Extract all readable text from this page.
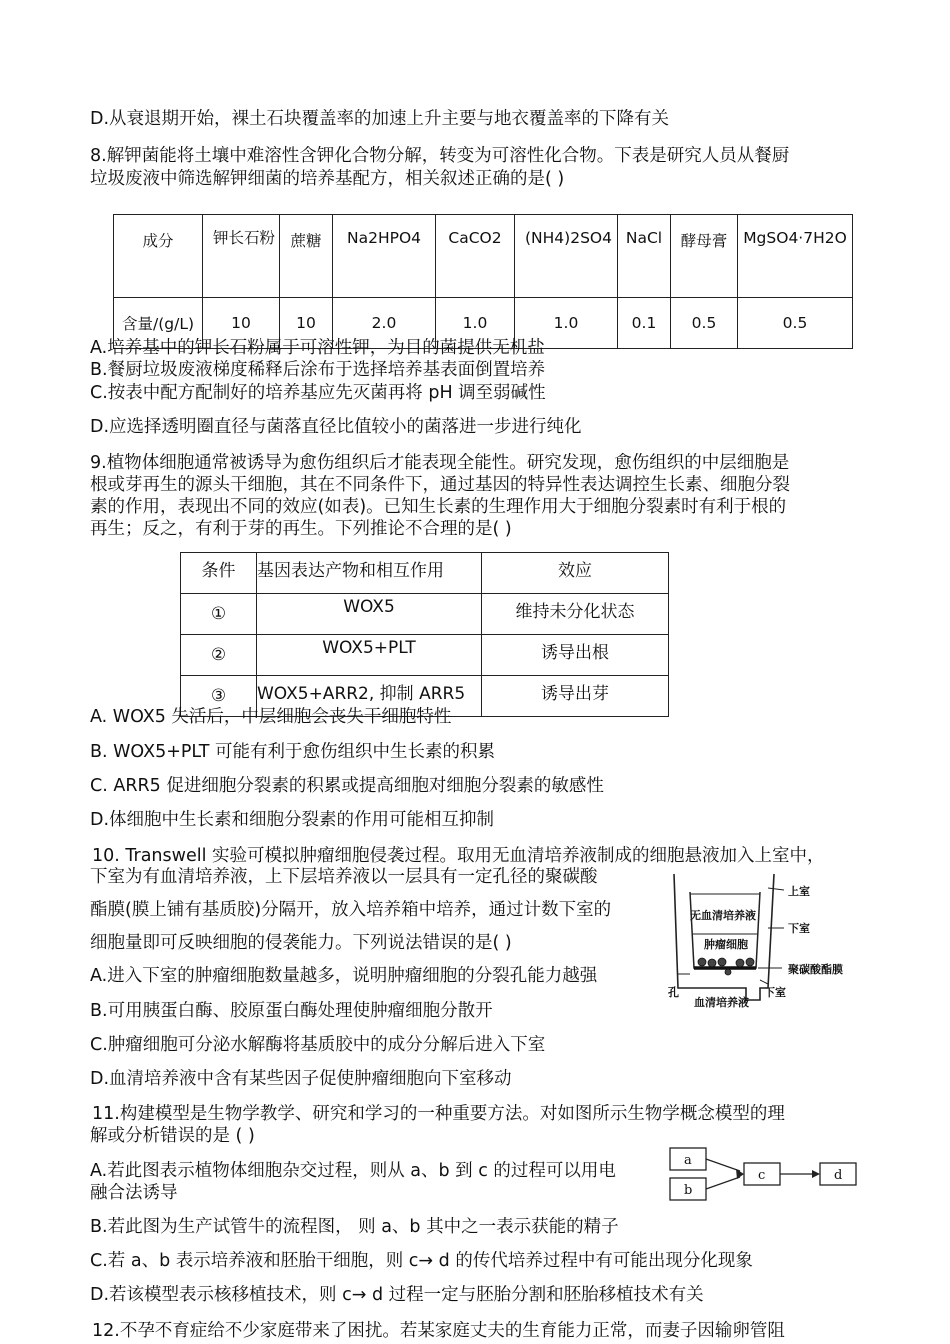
D.从衰退期开始，裸土石块覆盖率的加速上升主要与地衣覆盖率的下降有关
8.解钾菌能将土壤中难溶性含钾化合物分解，转变为可溶性化合物。下表是研究人员从餐厨
垃圾废液中筛选解钾细菌的培养基配方，相关叙述正确的是( )
成分	钾长石粉	蔗糖	Na2HPO4	CaCO2	(NH4)2SO4	NaCl	酵母膏	MgSO4·7H2O
含量/(g/L)	10	10	2.0	1.0	1.0	0.1	0.5	0.5
A.培养基中的钾长石粉属于可溶性钾，为目的菌提供无机盐
B.餐厨垃圾废液梯度稀释后涂布于选择培养基表面倒置培养
C.按表中配方配制好的培养基应先灭菌再将 pH 调至弱碱性
D.应选择透明圈直径与菌落直径比值较小的菌落进一步进行纯化
9.植物体细胞通常被诱导为愈伤组织后才能表现全能性。研究发现，愈伤组织的中层细胞是
根或芽再生的源头干细胞，其在不同条件下，通过基因的特异性表达调控生长素、细胞分裂
素的作用，表现出不同的效应(如表)。已知生长素的生理作用大于细胞分裂素时有利于根的
再生；反之，有利于芽的再生。下列推论不合理的是( )
条件	基因表达产物和相互作用	效应
①	WOX5	维持未分化状态
②	WOX5+PLT	诱导出根
③	WOX5+ARR2, 抑制 ARR5	诱导出芽
A. WOX5 失活后，中层细胞会丧失干细胞特性
B. WOX5+PLT 可能有利于愈伤组织中生长素的积累
C. ARR5 促进细胞分裂素的积累或提高细胞对细胞分裂素的敏感性
D.体细胞中生长素和细胞分裂素的作用可能相互抑制
10. Transwell 实验可模拟肿瘤细胞侵袭过程。取用无血清培养液制成的细胞悬液加入上室中，
下室为有血清培养液，上下层培养液以一层具有一定孔径的聚碳酸
酯膜(膜上铺有基质胶)分隔开，放入培养箱中培养，通过计数下室的
细胞量即可反映细胞的侵袭能力。下列说法错误的是( )
A.进入下室的肿瘤细胞数量越多，说明肿瘤细胞的分裂孔能力越强
B.可用胰蛋白酶、胶原蛋白酶处理使肿瘤细胞分散开
C.肿瘤细胞可分泌水解酶将基质胶中的成分分解后进入下室
D.血清培养液中含有某些因子促使肿瘤细胞向下室移动
无血清培养液
肿瘤细胞
上室
下室
聚碳酸酯膜
孔	下室
血清培养液
11.构建模型是生物学教学、研究和学习的一种重要方法。对如图所示生物学概念模型的理
解或分析错误的是 ( )
A.若此图表示植物体细胞杂交过程，则从 a、b 到 c 的过程可以用电
融合法诱导
B.若此图为生产试管牛的流程图， 则 a、b 其中之一表示获能的精子
C.若 a、b 表示培养液和胚胎干细胞，则 c→ d 的传代培养过程中有可能出现分化现象
D.若该模型表示核移植技术，则 c→ d 过程一定与胚胎分割和胚胎移植技术有关
a
b
c	d
12.不孕不育症给不少家庭带来了困扰。若某家庭丈夫的生育能力正常，而妻子因输卵管阻
